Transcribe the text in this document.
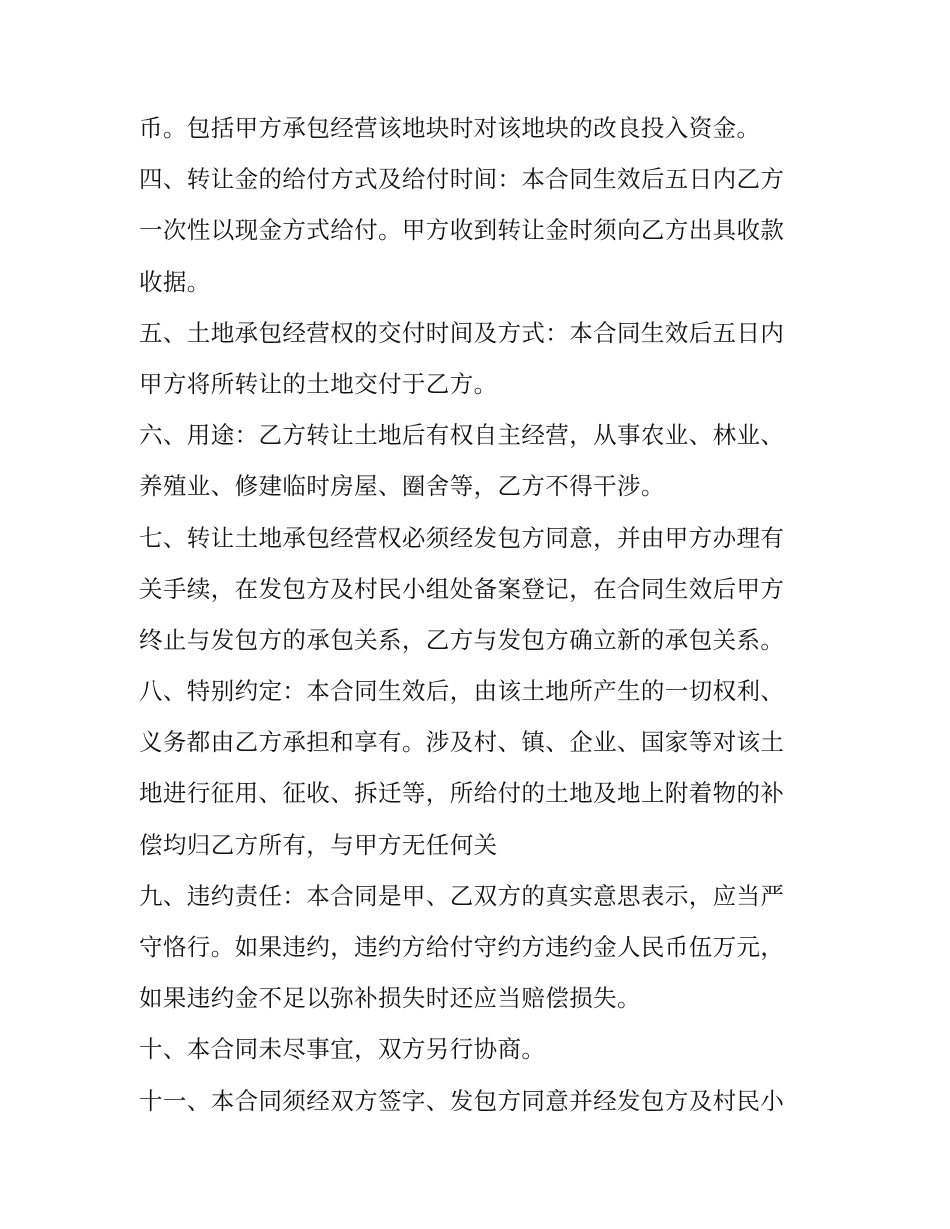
币。包括甲方承包经营该地块时对该地块的改良投入资金。
四、转让金的给付方式及给付时间：本合同生效后五日内乙方
一次性以现金方式给付。甲方收到转让金时须向乙方出具收款
收据。
五、土地承包经营权的交付时间及方式：本合同生效后五日内
甲方将所转让的土地交付于乙方。
六、用途：乙方转让土地后有权自主经营，从事农业、林业、
养殖业、修建临时房屋、圈舍等，乙方不得干涉。
七、转让土地承包经营权必须经发包方同意，并由甲方办理有
关手续，在发包方及村民小组处备案登记，在合同生效后甲方
终止与发包方的承包关系，乙方与发包方确立新的承包关系。
八、特别约定：本合同生效后，由该土地所产生的一切权利、
义务都由乙方承担和享有。涉及村、镇、企业、国家等对该土
地进行征用、征收、拆迁等，所给付的土地及地上附着物的补
偿均归乙方所有，与甲方无任何关
九、违约责任：本合同是甲、乙双方的真实意思表示，应当严
守恪行。如果违约，违约方给付守约方违约金人民币伍万元，
如果违约金不足以弥补损失时还应当赔偿损失。
十、本合同未尽事宜，双方另行协商。
十一、本合同须经双方签字、发包方同意并经发包方及村民小
